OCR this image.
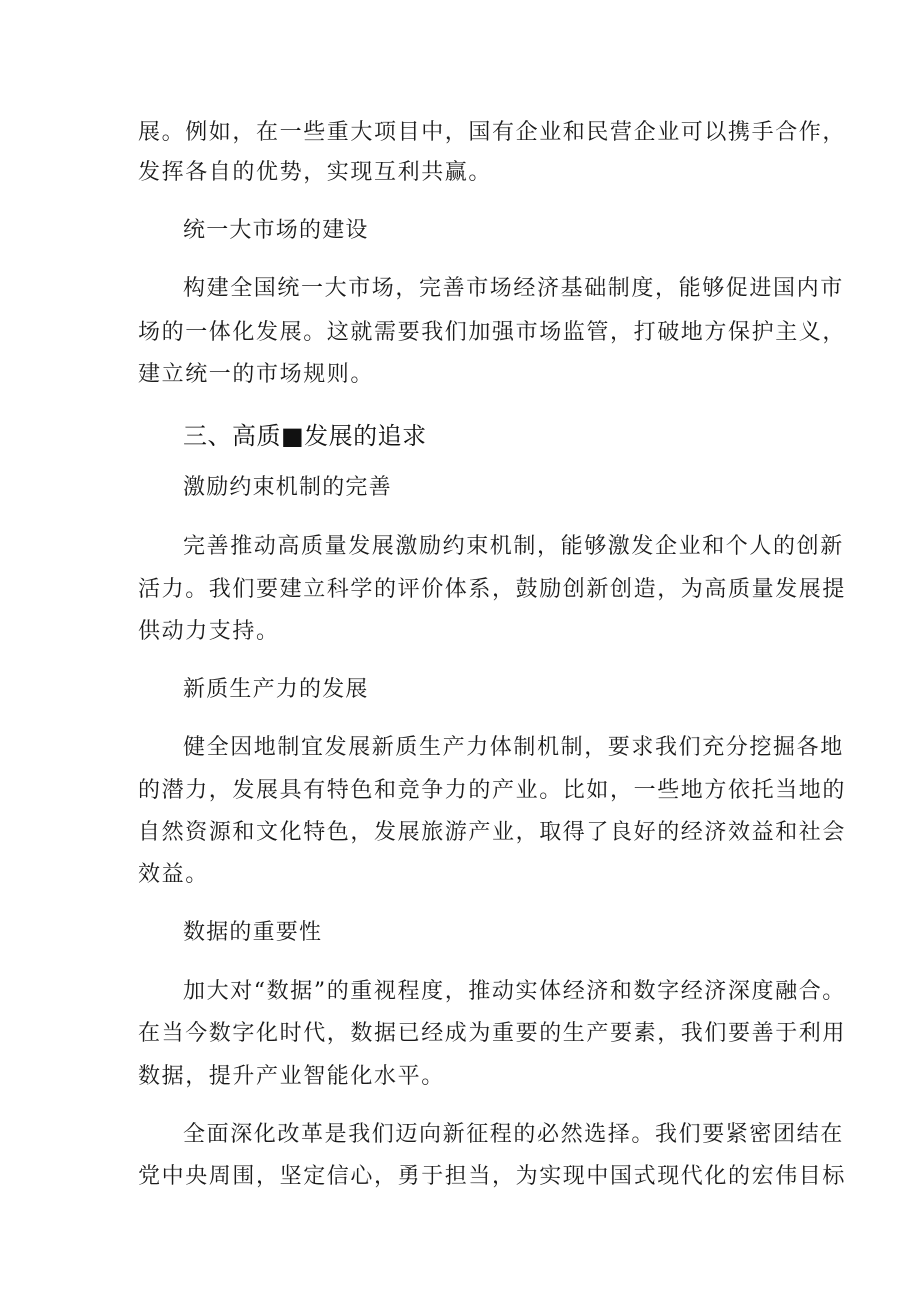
展。例如，在一些重大项目中，国有企业和民营企业可以携手合作，
发挥各自的优势，实现互利共赢。
统一大市场的建设
构建全国统一大市场，完善市场经济基础制度，能够促进国内市
场的一体化发展。这就需要我们加强市场监管，打破地方保护主义，
建立统一的市场规则。
三、高质■发展的追求
激励约束机制的完善
完善推动高质量发展激励约束机制，能够激发企业和个人的创新
活力。我们要建立科学的评价体系，鼓励创新创造，为高质量发展提
供动力支持。
新质生产力的发展
健全因地制宜发展新质生产力体制机制，要求我们充分挖掘各地
的潜力，发展具有特色和竞争力的产业。比如，一些地方依托当地的
自然资源和文化特色，发展旅游产业，取得了良好的经济效益和社会
效益。
数据的重要性
加大对“数据”的重视程度，推动实体经济和数字经济深度融合。
在当今数字化时代，数据已经成为重要的生产要素，我们要善于利用
数据，提升产业智能化水平。
全面深化改革是我们迈向新征程的必然选择。我们要紧密团结在
党中央周围，坚定信心，勇于担当，为实现中国式现代化的宏伟目标
